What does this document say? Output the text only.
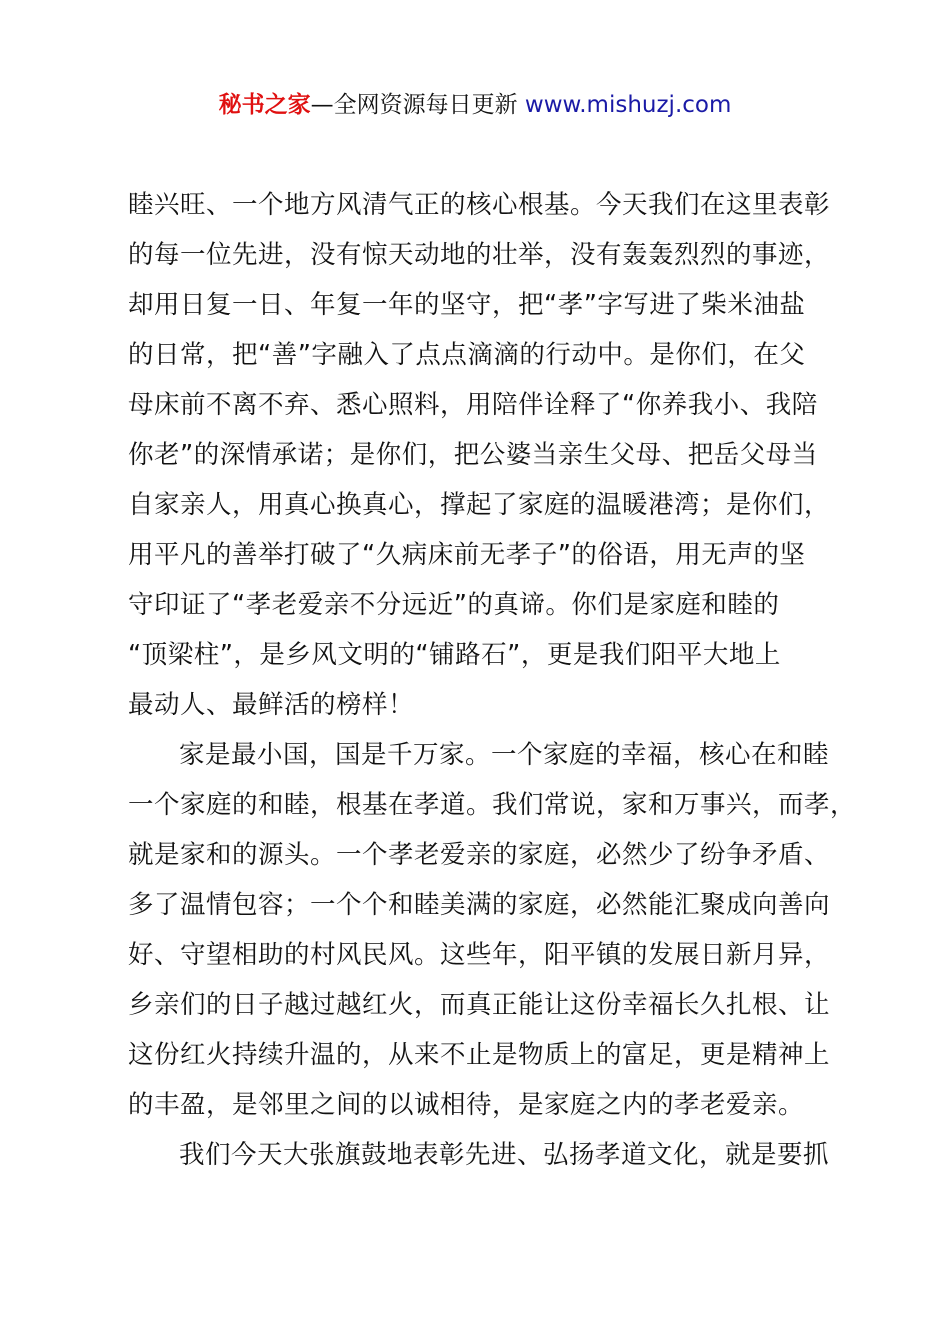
秘书之家—全网资源每日更新 www.mishuzj.com
睦兴旺、一个地方风清气正的核心根基。今天我们在这里表彰
的每一位先进，没有惊天动地的壮举，没有轰轰烈烈的事迹，
却用日复一日、年复一年的坚守，把“孝”字写进了柴米油盐
的日常，把“善”字融入了点点滴滴的行动中。是你们，在父
母床前不离不弃、悉心照料，用陪伴诠释了“你养我小、我陪
你老”的深情承诺；是你们，把公婆当亲生父母、把岳父母当
自家亲人，用真心换真心，撑起了家庭的温暖港湾；是你们，
用平凡的善举打破了“久病床前无孝子”的俗语，用无声的坚
守印证了“孝老爱亲不分远近”的真谛。你们是家庭和睦的
“顶梁柱”，是乡风文明的“铺路石”，更是我们阳平大地上
最动人、最鲜活的榜样！
家是最小国，国是千万家。一个家庭的幸福，核心在和睦
一个家庭的和睦，根基在孝道。我们常说，家和万事兴，而孝，
就是家和的源头。一个孝老爱亲的家庭，必然少了纷争矛盾、
多了温情包容；一个个和睦美满的家庭，必然能汇聚成向善向
好、守望相助的村风民风。这些年，阳平镇的发展日新月异，
乡亲们的日子越过越红火，而真正能让这份幸福长久扎根、让
这份红火持续升温的，从来不止是物质上的富足，更是精神上
的丰盈，是邻里之间的以诚相待，是家庭之内的孝老爱亲。
我们今天大张旗鼓地表彰先进、弘扬孝道文化，就是要抓
